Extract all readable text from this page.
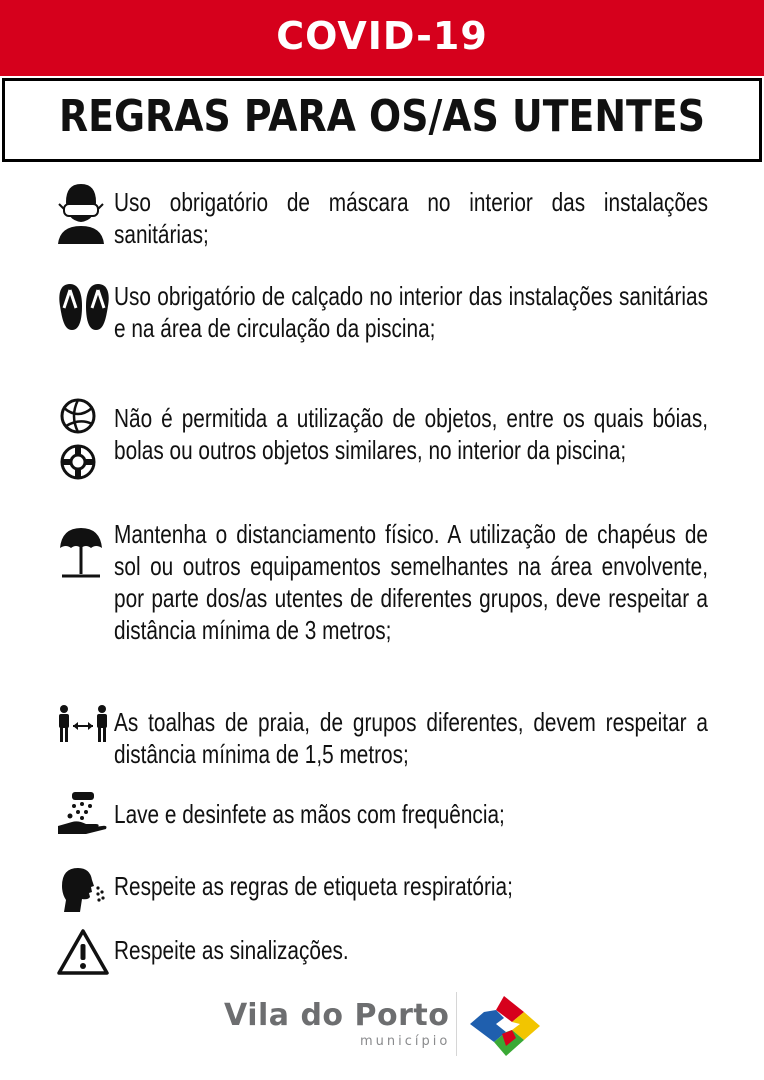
COVID-19
REGRAS PARA OS/AS UTENTES
Uso obrigatório de máscara no interior das instalações sanitárias;
Uso obrigatório de calçado no interior das instalações sanitárias e na área de circulação da piscina;
Não é permitida a utilização de objetos, entre os quais bóias, bolas ou outros objetos similares, no interior da piscina;
Mantenha o distanciamento físico. A utilização de chapéus de sol ou outros equipamentos semelhantes na área envolvente, por parte dos/as utentes de diferentes grupos, deve respeitar a distância mínima de 3 metros;
As toalhas de praia, de grupos diferentes, devem respeitar a distância mínima de 1,5 metros;
Lave e desinfete as mãos com frequência;
Respeite as regras de etiqueta respiratória;
Respeite as sinalizações.
Vila do Porto
município
